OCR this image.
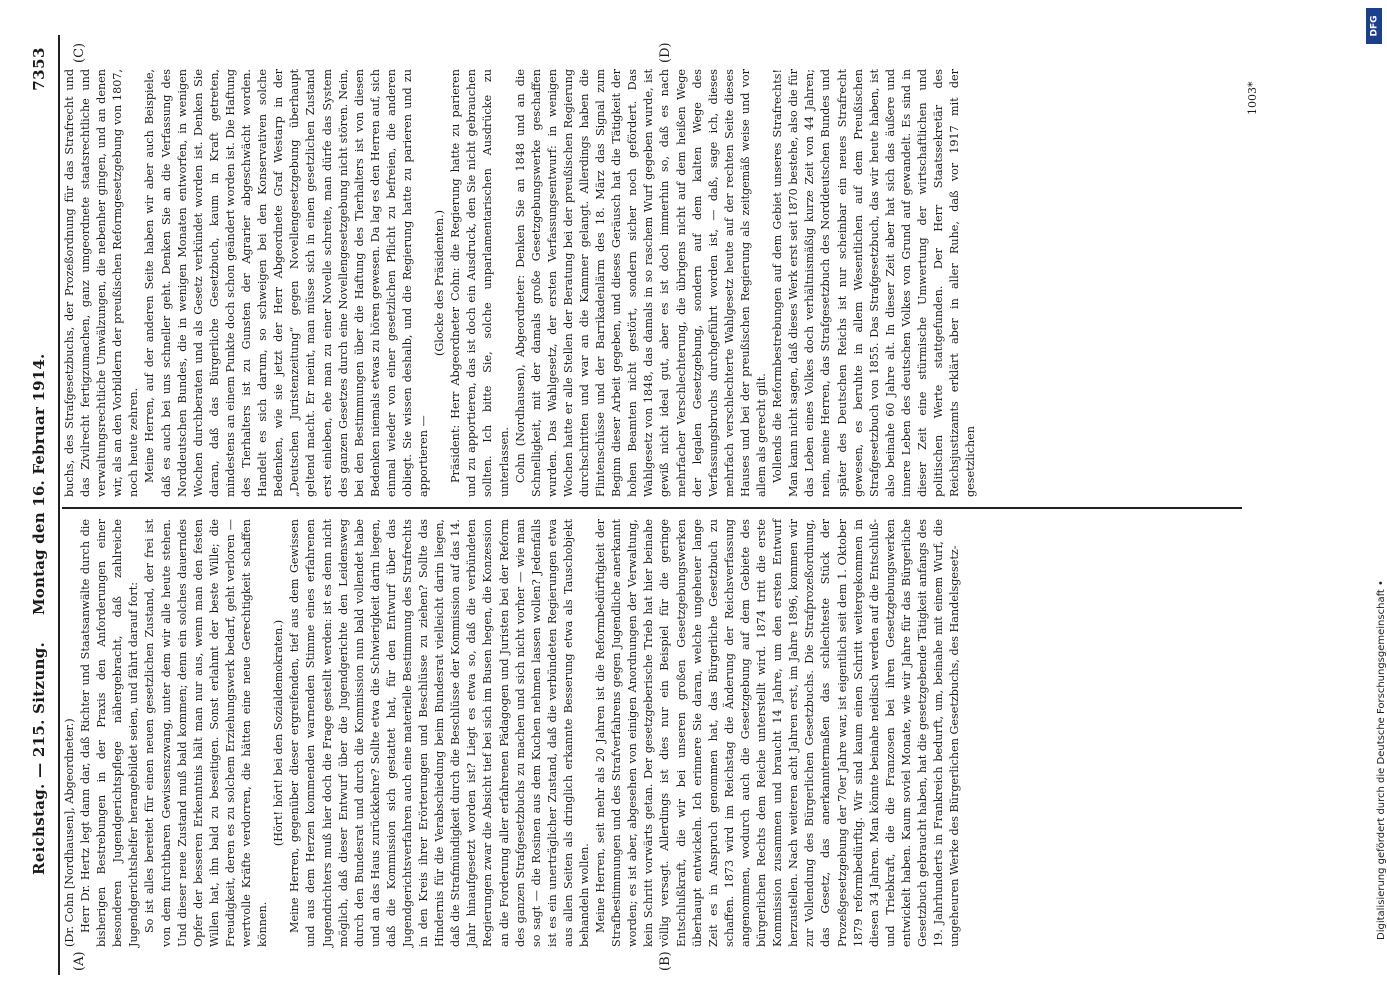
Reichstag. — 215. Sitzung.
Montag den 16. Februar 1914.
7353

(Dr. Cohn [Nordhausen], Abgeordneter.) Herr Dr. Hertz legt dann dar, daß Richter und Staatsanwälte durch die bisherigen Bestrebungen in der Praxis den Anforderungen einer besonderen Jugendgerichtspflege nähergebracht, daß zahlreiche Jugendgerichtshelfer herangebildet seien, und fährt darauf fort: So ist alles bereitet für einen neuen gesetzlichen Zustand, der frei ist von dem furchtbaren Gewissenszwang, unter dem wir alle heute stehen. Und dieser neue Zustand muß bald kommen; denn ein solches dauerndes Opfer der besseren Erkenntnis hält man nur aus, wenn man den festen Willen hat, ihn bald zu beseitigen. Sonst erlahmt der beste Wille; die Freudigkeit, deren es zu solchem Erziehungswerk bedarf, geht verloren — wertvolle Kräfte verdorren, die hätten eine neue Gerechtigkeit schaffen können.

(Hört! hört! bei den Sozialdemokraten.) Meine Herren, gegenüber dieser ergreifenden, tief aus dem Gewissen und aus dem Herzen kommenden warnenden Stimme eines erfahrenen Jugendrichters muß hier doch die Frage gestellt werden: ist es denn nicht möglich, daß dieser Entwurf über die Jugendgerichte den Leidensweg durch den Bundesrat und durch die Kommission nun bald vollendet habe und an das Haus zurückkehre? Sollte etwa die Schwierigkeit darin liegen, daß die Kommission sich gestattet hat, für den Entwurf über das Jugendgerichtsverfahren auch eine materielle Bestimmung des Strafrechts in den Kreis ihrer Erörterungen und Beschlüsse zu ziehen? Sollte das Hindernis für die Verabschiedung beim Bundesrat vielleicht darin liegen, daß die Strafmündigkeit durch die Beschlüsse der Kommission auf das 14. Jahr hinaufgesetzt worden ist? Liegt es etwa so, daß die verbündeten Regierungen zwar die Absicht tief bei sich im Busen hegen, die Konzession an die Forderung aller erfahrenen Pädagogen und Juristen bei der Reform des ganzen Strafgesetzbuchs zu machen und sich nicht vorher — wie man so sagt — die Rosinen aus dem Kuchen nehmen lassen wollen? Jedenfalls ist es ein unerträglicher Zustand, daß die verbündeten Regierungen etwa aus allen Seiten als dringlich erkannte Besserung etwa als Tauschobjekt behandeln wollen. Meine Herren, seit mehr als 20 Jahren ist die Reformbedürftigkeit der Strafbestimmungen und des Strafverfahrens gegen Jugendliche anerkannt worden; es ist aber, abgesehen von einigen Anordnungen der Verwaltung, kein Schritt vorwärts getan. Der gesetzgeberische Trieb hat hier beinahe völlig versagt. Allerdings ist dies nur ein Beispiel für die geringe Entschlußkraft, die wir bei unseren großen Gesetzgebungswerken überhaupt entwickeln. Ich erinnere Sie daran, welche ungeheuer lange Zeit es in Anspruch genommen hat, das Bürgerliche Gesetzbuch zu schaffen. 1873 wird im Reichstag die Änderung der Reichsverfassung angenommen, wodurch auch die Gesetzgebung auf dem Gebiete des bürgerlichen Rechts dem Reiche unterstellt wird. 1874 tritt die erste Kommission zusammen und braucht 14 Jahre, um den ersten Entwurf herzustellen. Nach weiteren acht Jahren erst, im Jahre 1896, kommen wir zur Vollendung des Bürgerlichen Gesetzbuchs. Die Strafprozeßordnung, das Gesetz, das anerkanntermaßen das schlechteste Stück der Prozeßgesetzgebung der 70er Jahre war, ist eigentlich seit dem 1. Oktober 1879 reformbedürftig. Wir sind kaum einen Schritt weitergekommen in diesen 34 Jahren. Man könnte beinahe neidisch werden auf die Entschluß- und Triebkraft, die die Franzosen bei ihren Gesetzgebungswerken entwickelt haben. Kaum soviel Monate, wie wir Jahre für das Bürgerliche Gesetzbuch gebraucht haben, hat die gesetzgebende Tätigkeit anfangs des 19. Jahrhunderts in Frankreich bedurft, um, beinahe mit einem Wurf, die ungeheuren Werke des Bürgerlichen Gesetzbuchs, des Handelsgesetz-

buchs, des Strafgesetzbuchs, der Prozeßordnung für das Strafrecht und das Zivilrecht fertigzumachen, ganz umgeordnete staatsrechtliche und verwaltungsrechtliche Umwälzungen, die nebenher gingen, und an denen wir, als an den Vorbildern der preußischen Reformgesetzgebung von 1807, noch heute zehren. Meine Herren, auf der anderen Seite haben wir aber auch Beispiele, daß es auch bei uns schneller geht. Denken Sie an die Verfassung des Norddeutschen Bundes, die in wenigen Monaten entworfen, in wenigen Wochen durchberaten und als Gesetz verkündet worden ist. Denken Sie daran, daß das Bürgerliche Gesetzbuch, kaum in Kraft getreten, mindestens an einem Punkte doch schon geändert worden ist. Die Haftung des Tierhalters ist zu Gunsten der Agrarier abgeschwächt worden. Handelt es sich darum, so schweigen bei den Konservativen solche Bedenken, wie sie jetzt der Herr Abgeordnete Graf Westarp in der „Deutschen Juristenzeitung“ gegen Novellengesetzgebung überhaupt geltend macht. Er meint, man müsse sich in einen gesetzlichen Zustand erst einleben, ehe man zu einer Novelle schreite, man dürfe das System des ganzen Gesetzes durch eine Novellengesetzgebung nicht stören. Nein, bei den Bestimmungen über die Haftung des Tierhalters ist von diesen Bedenken niemals etwas zu hören gewesen. Da lag es den Herren auf, sich einmal wieder von einer gesetzlichen Pflicht zu befreien, die anderen obliegt. Sie wissen deshalb, und die Regierung hatte zu parieren und zu apportieren —

(Glocke des Präsidenten.) Präsident: Herr Abgeordneter Cohn: die Regierung hatte zu parieren und zu apportieren, das ist doch ein Ausdruck, den Sie nicht gebrauchen sollten. Ich bitte Sie, solche unparlamentarischen Ausdrücke zu unterlassen. Cohn (Nordhausen), Abgeordneter: Denken Sie an 1848 und an die Schnelligkeit, mit der damals große Gesetzgebungswerke geschaffen wurden. Das Wahlgesetz, der ersten Verfassungsentwurf: in wenigen Wochen hatte er alle Stellen der Beratung bei der preußischen Regierung durchschritten und war an die Kammer gelangt. Allerdings haben die Flintenschüsse und der Barrikadenlärm des 18. März das Signal zum Beginn dieser Arbeit gegeben, und dieses Geräusch hat die Tätigkeit der hohen Beamten nicht gestört, sondern sicher noch gefördert. Das Wahlgesetz von 1848, das damals in so raschem Wurf gegeben wurde, ist gewiß nicht ideal gut, aber es ist doch immerhin so, daß es nach mehrfacher Verschlechterung, die übrigens nicht auf dem heißen Wege der legalen Gesetzgebung, sondern auf dem kalten Wege des Verfassungsbruchs durchgeführt worden ist, — daß, sage ich, dieses mehrfach verschlechterte Wahlgesetz heute auf der rechten Seite dieses Hauses und bei der preußischen Regierung als zeitgemäß weise und vor allem als gerecht gilt. Vollends die Reformbestrebungen auf dem Gebiet unseres Strafrechts! Man kann nicht sagen, daß dieses Werk erst seit 1870 bestehe, also die für das Leben eines Volkes doch verhältnismäßig kurze Zeit von 44 Jahren; nein, meine Herren, das Strafgesetzbuch des Norddeutschen Bundes und später des Deutschen Reichs ist nur scheinbar ein neues Strafrecht gewesen, es beruhte in allem Wesentlichen auf dem Preußischen Strafgesetzbuch von 1855. Das Strafgesetzbuch, das wir heute haben, ist also beinahe 60 Jahre alt. In dieser Zeit aber hat sich das äußere und innere Leben des deutschen Volkes von Grund auf gewandelt. Es sind in dieser Zeit eine stürmische Umwertung der wirtschaftlichen und politischen Werte stattgefunden. Der Herr Staatssekretär des Reichsjustizamts erklärt aber in aller Ruhe, daß vor 1917 mit der gesetzlichen

(A)	(B)
(C)	(D)
1003*
DFG
Digitalisierung gefördert durch die Deutsche Forschungsgemeinschaft •
